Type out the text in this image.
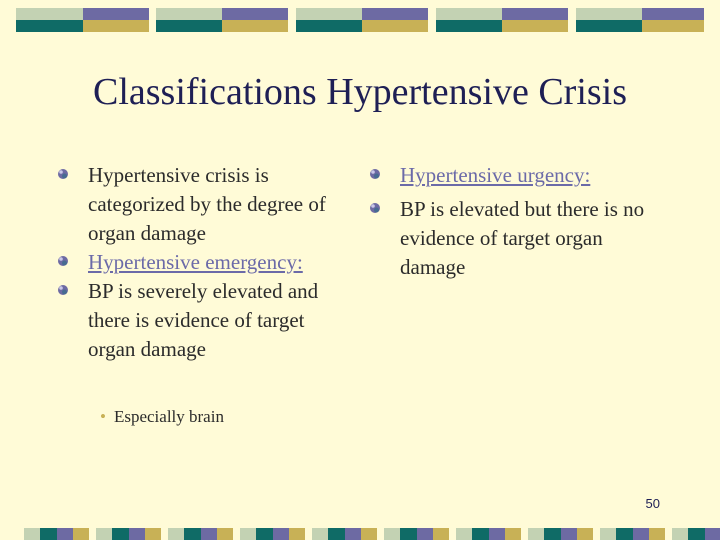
Classifications Hypertensive Crisis
Hypertensive crisis is categorized by the degree of organ damage
Hypertensive emergency:
BP is severely elevated and there is evidence of target organ damage
• Especially brain
Hypertensive urgency:
BP is elevated but there is no evidence of target organ damage
50
